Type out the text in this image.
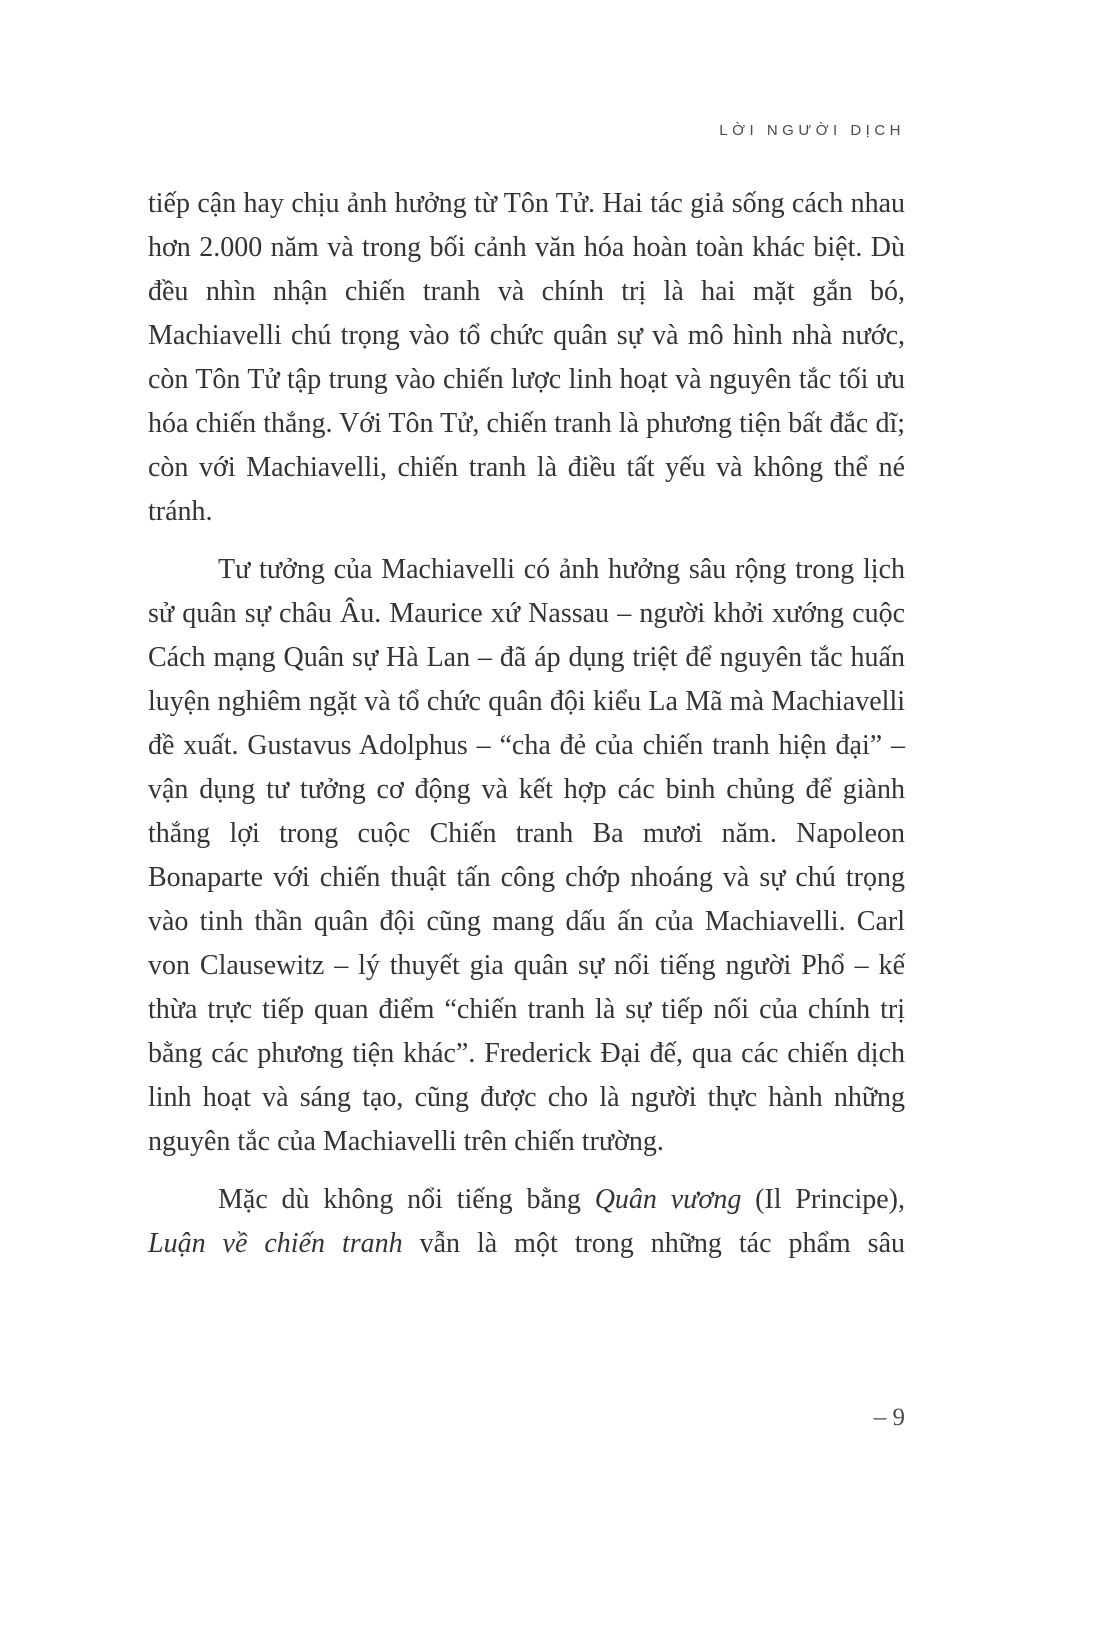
LỜI NGƯỜI DỊCH

tiếp cận hay chịu ảnh hưởng từ Tôn Tử. Hai tác giả sống cách nhau hơn 2.000 năm và trong bối cảnh văn hóa hoàn toàn khác biệt. Dù đều nhìn nhận chiến tranh và chính trị là hai mặt gắn bó, Machiavelli chú trọng vào tổ chức quân sự và mô hình nhà nước, còn Tôn Tử tập trung vào chiến lược linh hoạt và nguyên tắc tối ưu hóa chiến thắng. Với Tôn Tử, chiến tranh là phương tiện bất đắc dĩ; còn với Machiavelli, chiến tranh là điều tất yếu và không thể né tránh.

Tư tưởng của Machiavelli có ảnh hưởng sâu rộng trong lịch sử quân sự châu Âu. Maurice xứ Nassau – người khởi xướng cuộc Cách mạng Quân sự Hà Lan – đã áp dụng triệt để nguyên tắc huấn luyện nghiêm ngặt và tổ chức quân đội kiểu La Mã mà Machiavelli đề xuất. Gustavus Adolphus – “cha đẻ của chiến tranh hiện đại” – vận dụng tư tưởng cơ động và kết hợp các binh chủng để giành thắng lợi trong cuộc Chiến tranh Ba mươi năm. Napoleon Bonaparte với chiến thuật tấn công chớp nhoáng và sự chú trọng vào tinh thần quân đội cũng mang dấu ấn của Machiavelli. Carl von Clausewitz – lý thuyết gia quân sự nổi tiếng người Phổ – kế thừa trực tiếp quan điểm “chiến tranh là sự tiếp nối của chính trị bằng các phương tiện khác”. Frederick Đại đế, qua các chiến dịch linh hoạt và sáng tạo, cũng được cho là người thực hành những nguyên tắc của Machiavelli trên chiến trường.

Mặc dù không nổi tiếng bằng Quân vương (Il Principe), Luận về chiến tranh vẫn là một trong những tác phẩm sâu

– 9
